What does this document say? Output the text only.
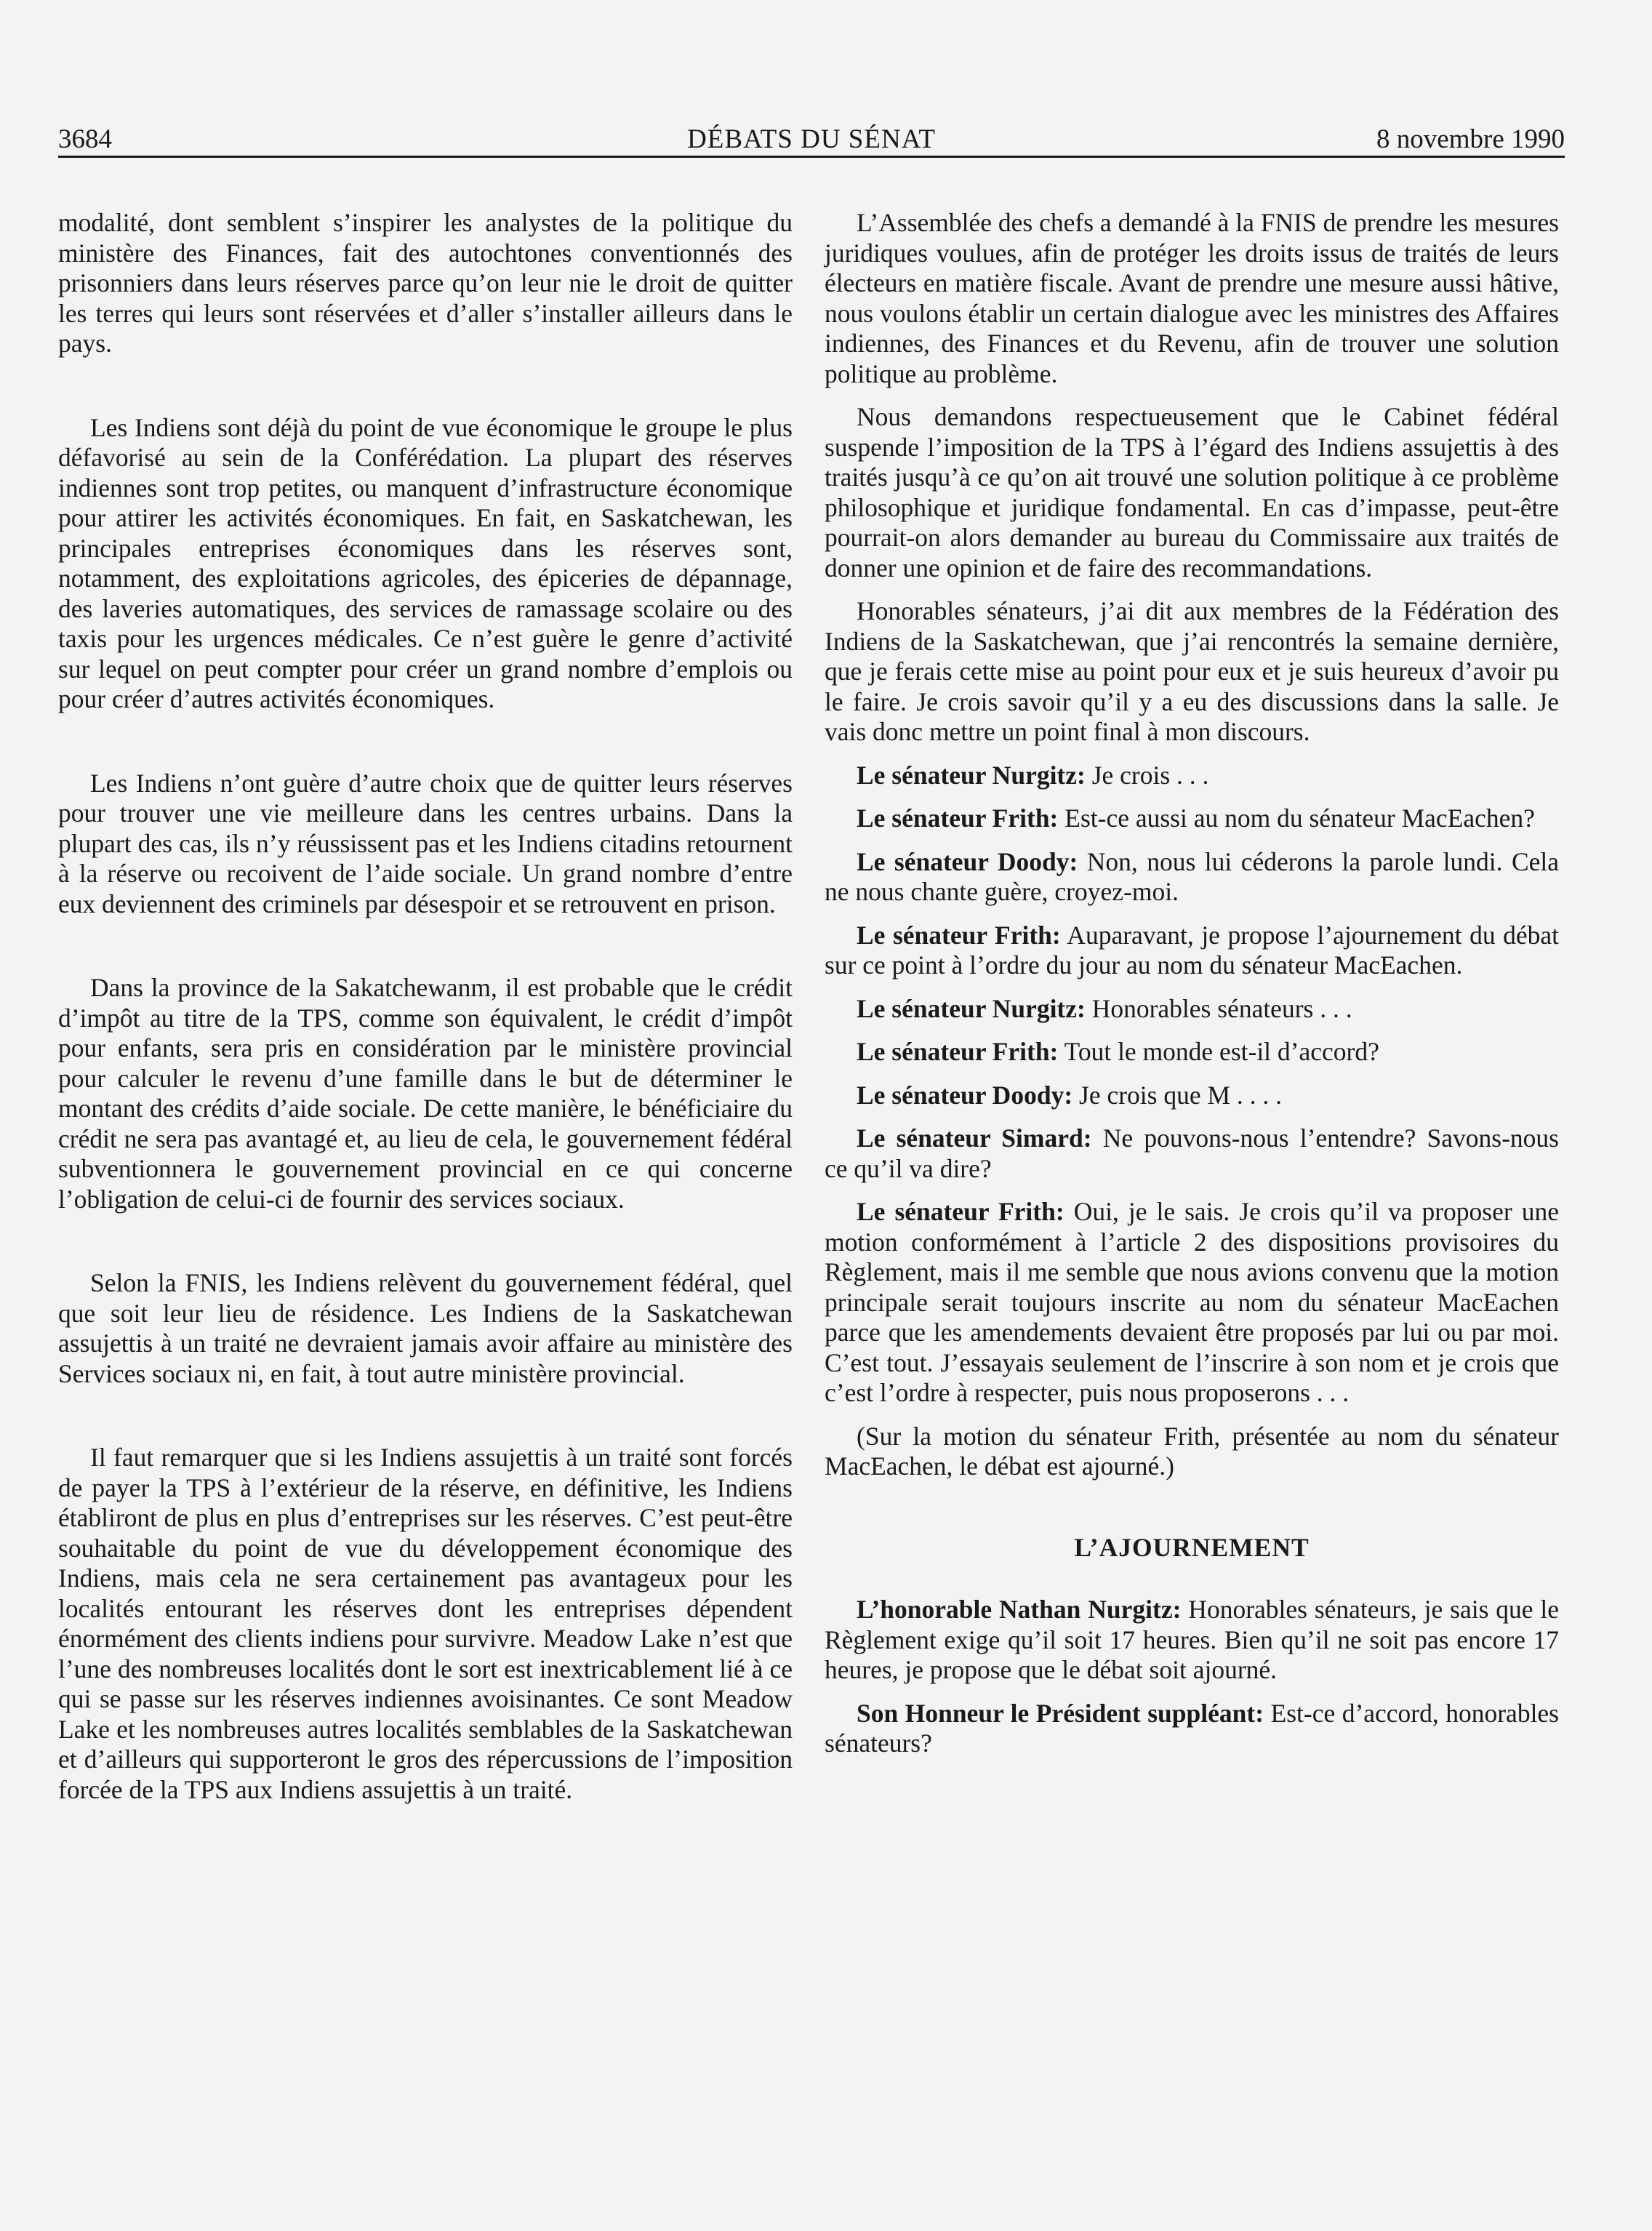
3684	DÉBATS DU SÉNAT	8 novembre 1990

modalité, dont semblent s’inspirer les analystes de la politique du ministère des Finances, fait des autochtones conventionnés des prisonniers dans leurs réserves parce qu’on leur nie le droit de quitter les terres qui leurs sont réservées et d’aller s’installer ailleurs dans le pays.

Les Indiens sont déjà du point de vue économique le groupe le plus défavorisé au sein de la Conférédation. La plupart des réserves indiennes sont trop petites, ou manquent d’infrastructure économique pour attirer les activités économiques. En fait, en Saskatchewan, les principales entreprises économiques dans les réserves sont, notamment, des exploitations agricoles, des épiceries de dépannage, des laveries automatiques, des services de ramassage scolaire ou des taxis pour les urgences médicales. Ce n’est guère le genre d’activité sur lequel on peut compter pour créer un grand nombre d’emplois ou pour créer d’autres activités économiques.

Les Indiens n’ont guère d’autre choix que de quitter leurs réserves pour trouver une vie meilleure dans les centres urbains. Dans la plupart des cas, ils n’y réussissent pas et les Indiens citadins retournent à la réserve ou recoivent de l’aide sociale. Un grand nombre d’entre eux deviennent des criminels par désespoir et se retrouvent en prison.

Dans la province de la Sakatchewanm, il est probable que le crédit d’impôt au titre de la TPS, comme son équivalent, le crédit d’impôt pour enfants, sera pris en considération par le ministère provincial pour calculer le revenu d’une famille dans le but de déterminer le montant des crédits d’aide sociale. De cette manière, le bénéficiaire du crédit ne sera pas avantagé et, au lieu de cela, le gouvernement fédéral subventionnera le gouvernement provincial en ce qui concerne l’obligation de celui-ci de fournir des services sociaux.

Selon la FNIS, les Indiens relèvent du gouvernement fédéral, quel que soit leur lieu de résidence. Les Indiens de la Saskatchewan assujettis à un traité ne devraient jamais avoir affaire au ministère des Services sociaux ni, en fait, à tout autre ministère provincial.

Il faut remarquer que si les Indiens assujettis à un traité sont forcés de payer la TPS à l’extérieur de la réserve, en définitive, les Indiens établiront de plus en plus d’entreprises sur les réserves. C’est peut-être souhaitable du point de vue du développement économique des Indiens, mais cela ne sera certainement pas avantageux pour les localités entourant les réserves dont les entreprises dépendent énormément des clients indiens pour survivre. Meadow Lake n’est que l’une des nombreuses localités dont le sort est inextricablement lié à ce qui se passe sur les réserves indiennes avoisinantes. Ce sont Meadow Lake et les nombreuses autres localités semblables de la Saskatchewan et d’ailleurs qui supporteront le gros des répercussions de l’imposition forcée de la TPS aux Indiens assujettis à un traité.

L’Assemblée des chefs a demandé à la FNIS de prendre les mesures juridiques voulues, afin de protéger les droits issus de traités de leurs électeurs en matière fiscale. Avant de prendre une mesure aussi hâtive, nous voulons établir un certain dialogue avec les ministres des Affaires indiennes, des Finances et du Revenu, afin de trouver une solution politique au problème.

Nous demandons respectueusement que le Cabinet fédéral suspende l’imposition de la TPS à l’égard des Indiens assujettis à des traités jusqu’à ce qu’on ait trouvé une solution politique à ce problème philosophique et juridique fondamental. En cas d’impasse, peut-être pourrait-on alors demander au bureau du Commissaire aux traités de donner une opinion et de faire des recommandations.

Honorables sénateurs, j’ai dit aux membres de la Fédération des Indiens de la Saskatchewan, que j’ai rencontrés la semaine dernière, que je ferais cette mise au point pour eux et je suis heureux d’avoir pu le faire. Je crois savoir qu’il y a eu des discussions dans la salle. Je vais donc mettre un point final à mon discours.

Le sénateur Nurgitz: Je crois . . .

Le sénateur Frith: Est-ce aussi au nom du sénateur MacEachen?

Le sénateur Doody: Non, nous lui céderons la parole lundi. Cela ne nous chante guère, croyez-moi.

Le sénateur Frith: Auparavant, je propose l’ajournement du débat sur ce point à l’ordre du jour au nom du sénateur MacEachen.

Le sénateur Nurgitz: Honorables sénateurs . . .

Le sénateur Frith: Tout le monde est-il d’accord?

Le sénateur Doody: Je crois que M . . . .

Le sénateur Simard: Ne pouvons-nous l’entendre? Savons-nous ce qu’il va dire?

Le sénateur Frith: Oui, je le sais. Je crois qu’il va proposer une motion conformément à l’article 2 des dispositions provisoires du Règlement, mais il me semble que nous avions convenu que la motion principale serait toujours inscrite au nom du sénateur MacEachen parce que les amendements devaient être proposés par lui ou par moi. C’est tout. J’essayais seulement de l’inscrire à son nom et je crois que c’est l’ordre à respecter, puis nous proposerons . . .

(Sur la motion du sénateur Frith, présentée au nom du sénateur MacEachen, le débat est ajourné.)

L’AJOURNEMENT

L’honorable Nathan Nurgitz: Honorables sénateurs, je sais que le Règlement exige qu’il soit 17 heures. Bien qu’il ne soit pas encore 17 heures, je propose que le débat soit ajourné.

Son Honneur le Président suppléant: Est-ce d’accord, honorables sénateurs?
